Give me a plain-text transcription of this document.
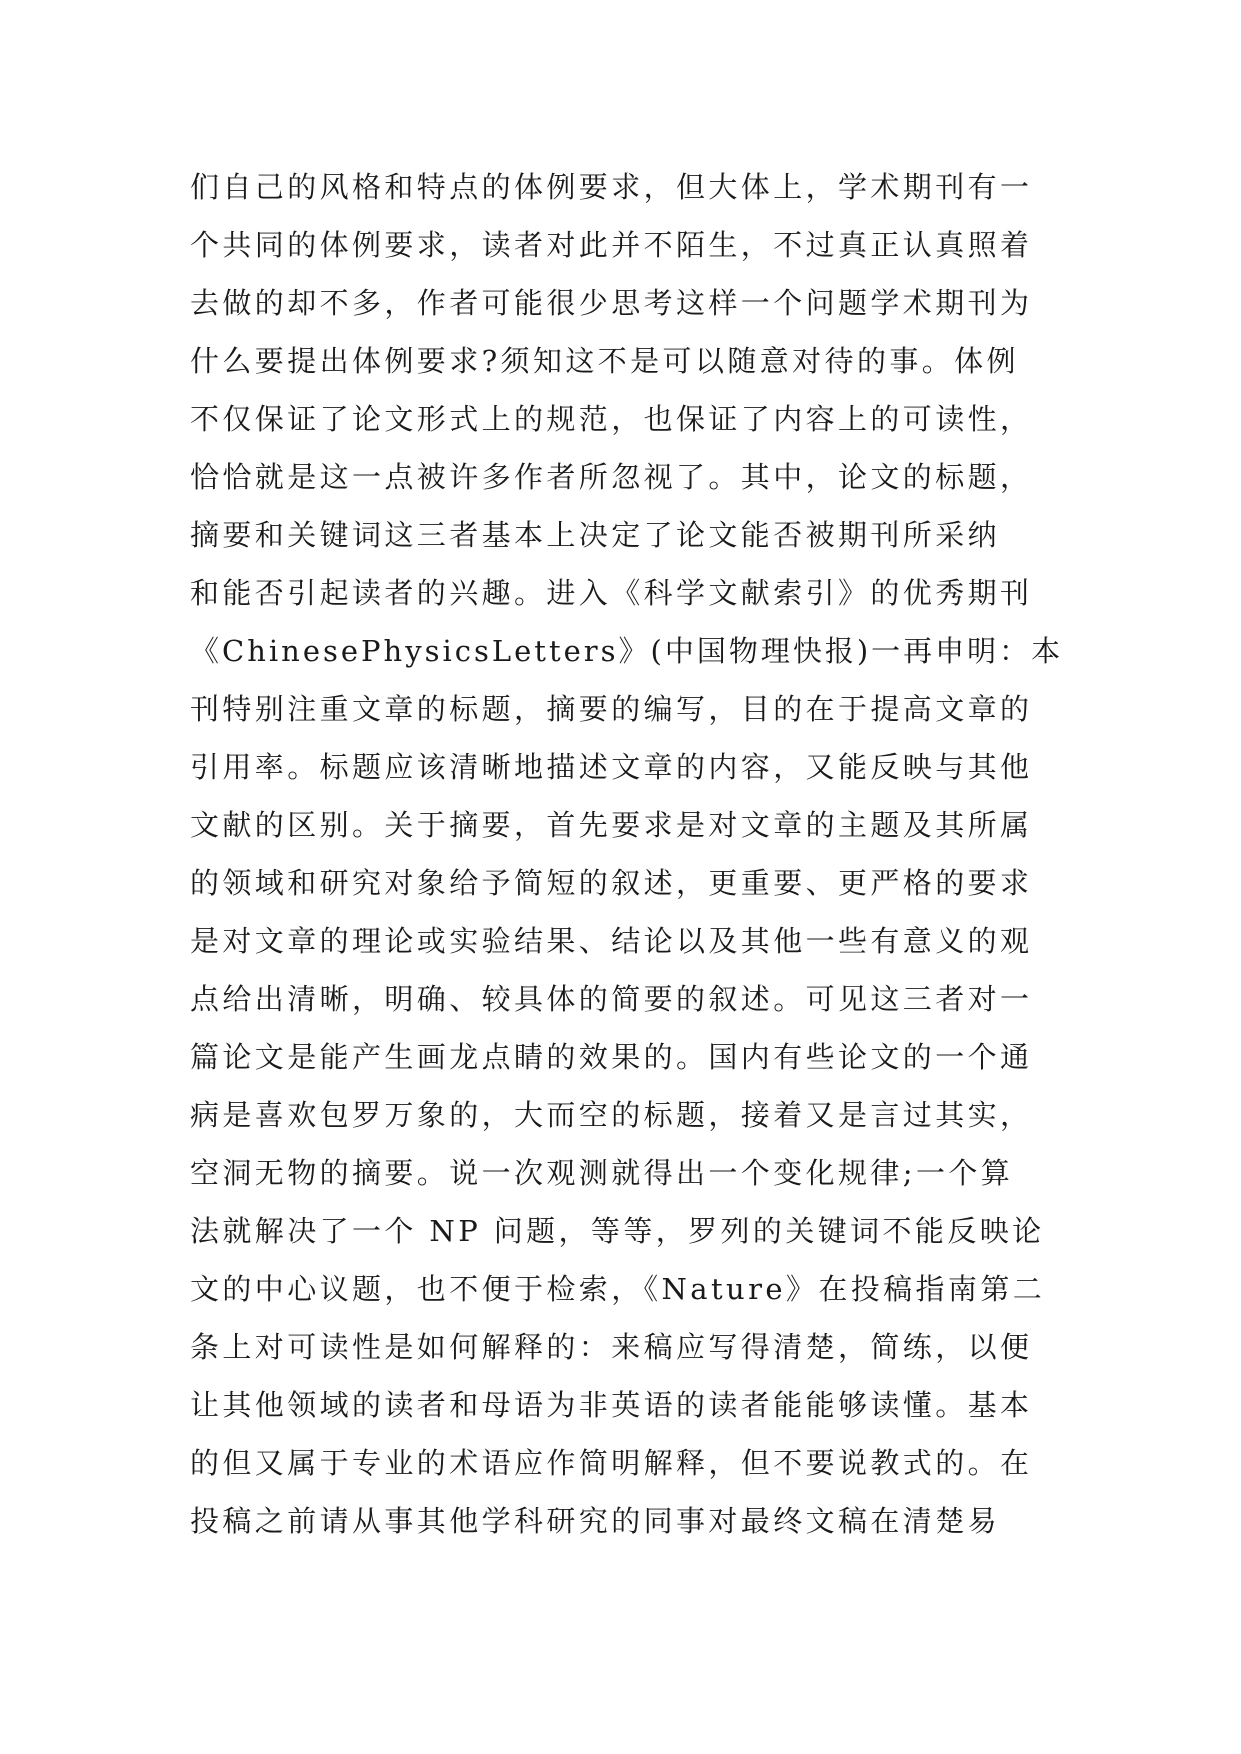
们自己的风格和特点的体例要求，但大体上，学术期刊有一
个共同的体例要求，读者对此并不陌生，不过真正认真照着
去做的却不多，作者可能很少思考这样一个问题学术期刊为
什么要提出体例要求?须知这不是可以随意对待的事。体例
不仅保证了论文形式上的规范，也保证了内容上的可读性，
恰恰就是这一点被许多作者所忽视了。其中，论文的标题，
摘要和关键词这三者基本上决定了论文能否被期刊所采纳
和能否引起读者的兴趣。进入《科学文献索引》的优秀期刊
《ChinesePhysicsLetters》(中国物理快报)一再申明：本
刊特别注重文章的标题，摘要的编写，目的在于提高文章的
引用率。标题应该清晰地描述文章的内容，又能反映与其他
文献的区别。关于摘要，首先要求是对文章的主题及其所属
的领域和研究对象给予简短的叙述，更重要、更严格的要求
是对文章的理论或实验结果、结论以及其他一些有意义的观
点给出清晰，明确、较具体的简要的叙述。可见这三者对一
篇论文是能产生画龙点睛的效果的。国内有些论文的一个通
病是喜欢包罗万象的，大而空的标题，接着又是言过其实，
空洞无物的摘要。说一次观测就得出一个变化规律;一个算
法就解决了一个 NP 问题，等等，罗列的关键词不能反映论
文的中心议题，也不便于检索，《Nature》在投稿指南第二
条上对可读性是如何解释的：来稿应写得清楚，简练，以便
让其他领域的读者和母语为非英语的读者能能够读懂。基本
的但又属于专业的术语应作简明解释，但不要说教式的。在
投稿之前请从事其他学科研究的同事对最终文稿在清楚易
